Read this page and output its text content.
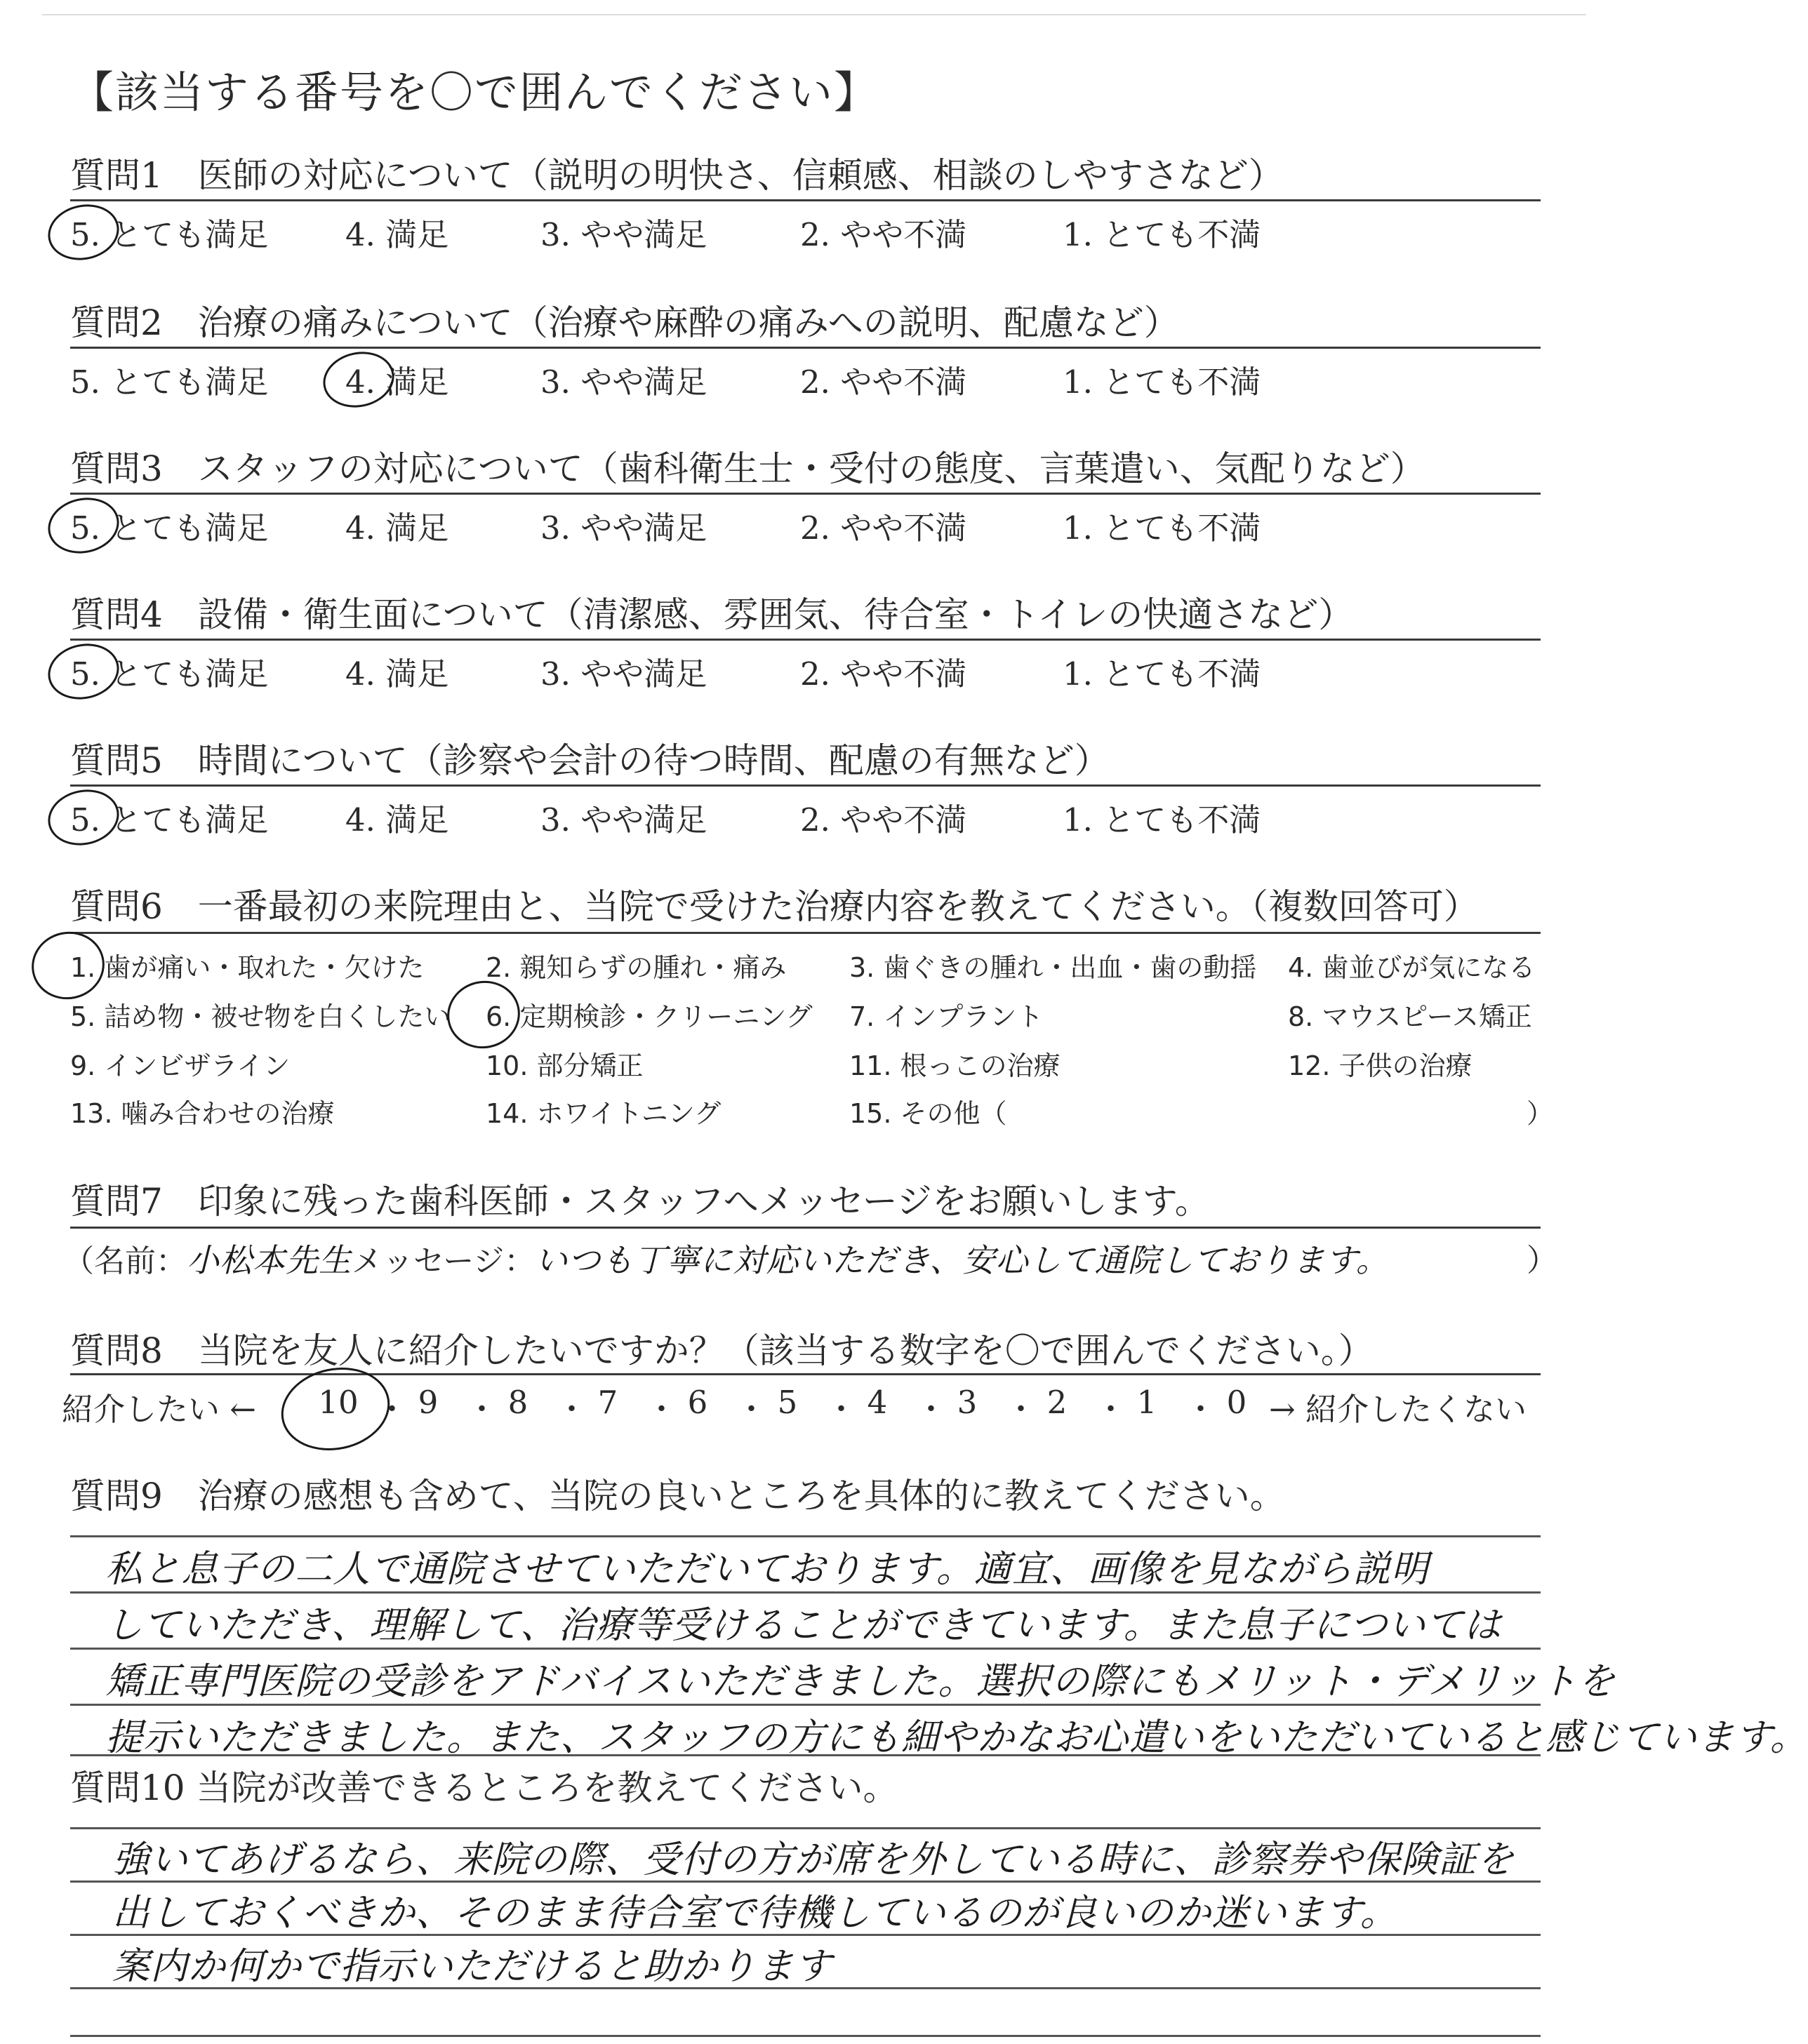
【該当する番号を〇で囲んでください】
質問6　一番最初の来院理由と、当院で受けた治療内容を教えてください。（複数回答可）
）
質問7　印象に残った歯科医師・スタッフへメッセージをお願いします。
（名前：小松本先生メッセージ：いつも丁寧に対応いただき、安心して通院しております。	）
質問8　当院を友人に紹介したいですか？（該当する数字を〇で囲んでください。）
紹介したい ←	→ 紹介したくない
質問9　治療の感想も含めて、当院の良いところを具体的に教えてください。
質問10 当院が改善できるところを教えてください。
質問1　医師の対応について（説明の明快さ、信頼感、相談のしやすさなど）
5. とても満足 4. 満足	3. やや満足	2. やや不満	1. とても不満
質問2　治療の痛みについて（治療や麻酔の痛みへの説明、配慮など）
5. とても満足 4. 満足	3. やや満足	2. やや不満	1. とても不満
質問3　スタッフの対応について（歯科衛生士・受付の態度、言葉遣い、気配りなど）
5. とても満足 4. 満足	3. やや満足	2. やや不満	1. とても不満
質問4　設備・衛生面について（清潔感、雰囲気、待合室・トイレの快適さなど）
5. とても満足 4. 満足	3. やや満足	2. やや不満	1. とても不満
質問5　時間について（診察や会計の待つ時間、配慮の有無など）
5. とても満足 4. 満足	3. やや満足	2. やや不満	1. とても不満
1. 歯が痛い・取れた・欠けた 2. 親知らずの腫れ・痛み 3. 歯ぐきの腫れ・出血・歯の動揺 4. 歯並びが気になる
5. 詰め物・被せ物を白くしたい 6. 定期検診・クリーニング 7. インプラント	8. マウスピース矯正
9. インビザライン	10. 部分矯正	11. 根っこの治療	12. 子供の治療
13. 噛み合わせの治療	14. ホワイトニング	15. その他（
10 ・ 9 ・ 8 ・ 7 ・ 6 ・ 5 ・ 4 ・ 3 ・ 2 ・ 1 ・ 0
私と息子の二人で通院させていただいております。適宜、画像を見ながら説明
していただき、理解して、治療等受けることができています。また息子については
矯正専門医院の受診をアドバイスいただきました。選択の際にもメリット・デメリットを
提示いただきました。また、スタッフの方にも細やかなお心遣いをいただいていると感じています。
強いてあげるなら、来院の際、受付の方が席を外している時に、診察券や保険証を
出しておくべきか、そのまま待合室で待機しているのが良いのか迷います。
案内か何かで指示いただけると助かります
